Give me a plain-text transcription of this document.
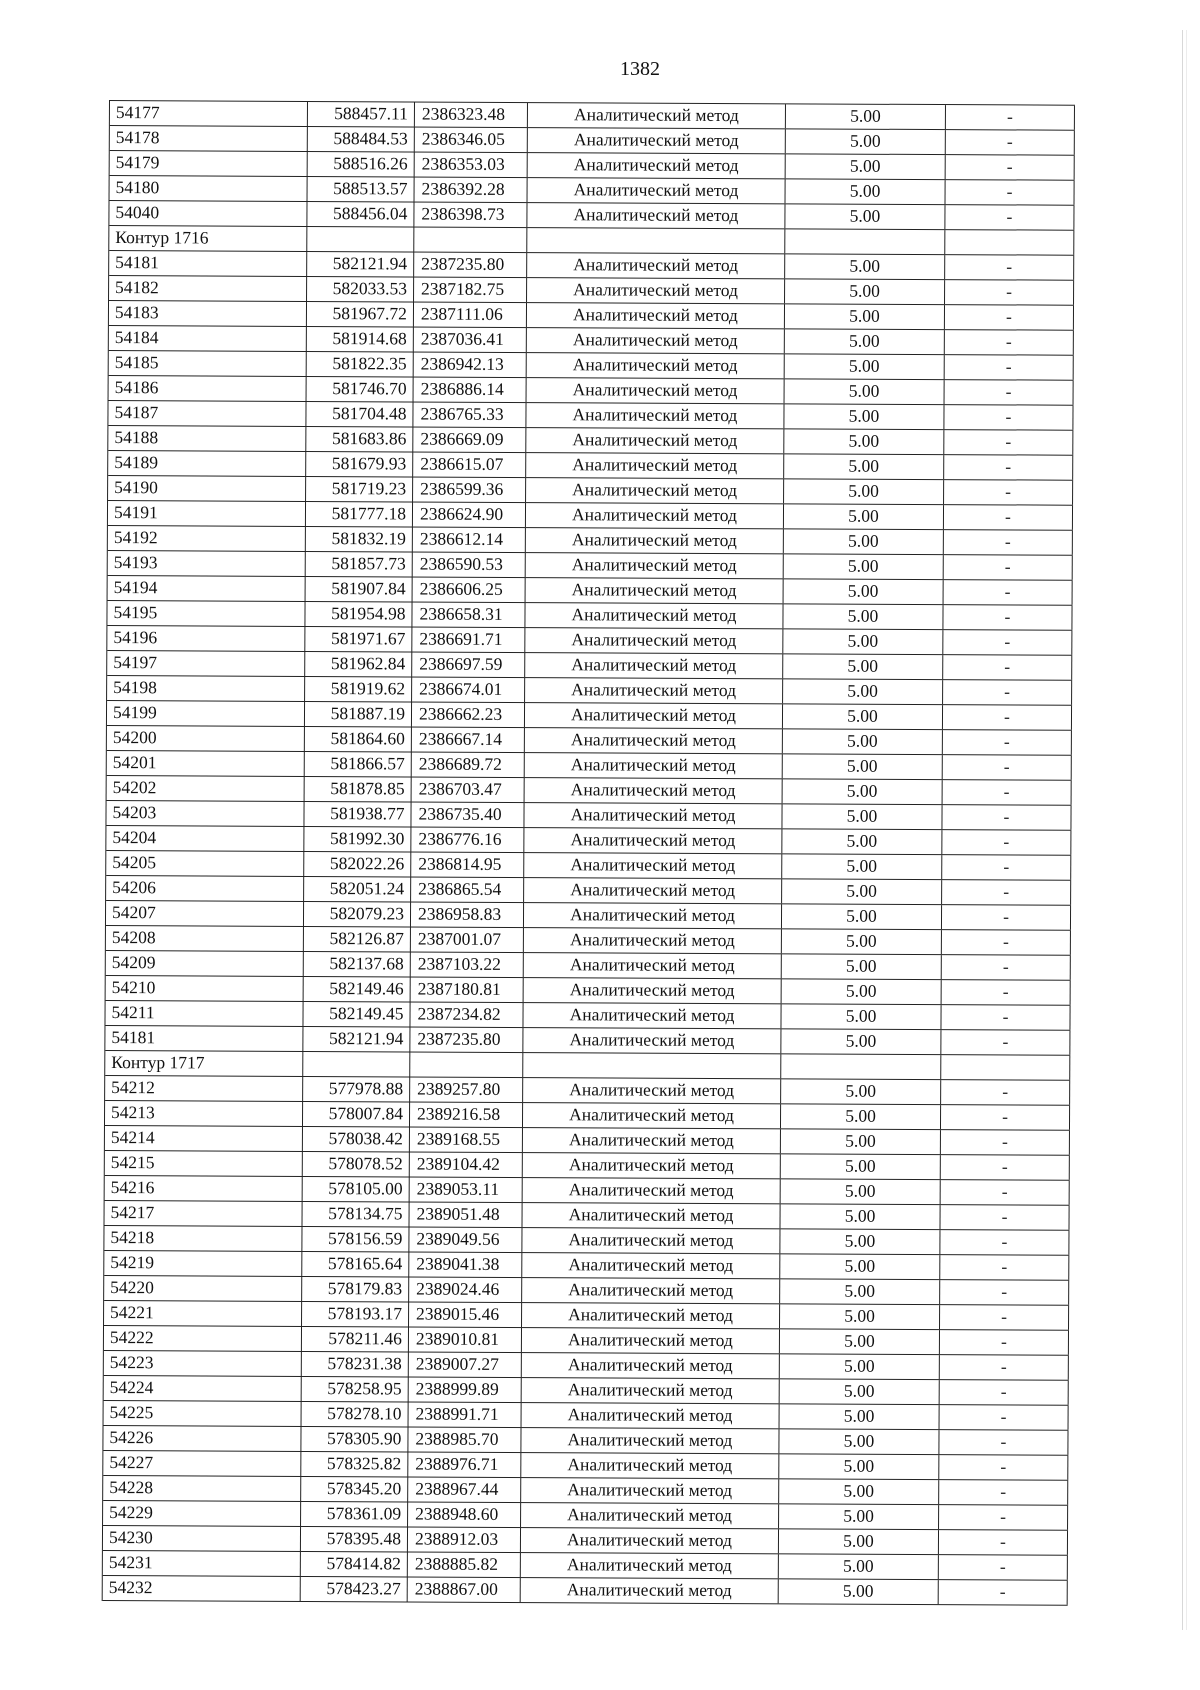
1382
54177	588457.11 2386323.48	Аналитический метод	5.00	-
54178	588484.53 2386346.05	Аналитический метод	5.00	-
54179	588516.26 2386353.03	Аналитический метод	5.00	-
54180	588513.57 2386392.28	Аналитический метод	5.00	-
54040	588456.04 2386398.73	Аналитический метод	5.00	-
Контур 1716
54181	582121.94 2387235.80	Аналитический метод	5.00	-
54182	582033.53 2387182.75	Аналитический метод	5.00	-
54183	581967.72 2387111.06	Аналитический метод	5.00	-
54184	581914.68 2387036.41	Аналитический метод	5.00	-
54185	581822.35 2386942.13	Аналитический метод	5.00	-
54186	581746.70 2386886.14	Аналитический метод	5.00	-
54187	581704.48 2386765.33	Аналитический метод	5.00	-
54188	581683.86 2386669.09	Аналитический метод	5.00	-
54189	581679.93 2386615.07	Аналитический метод	5.00	-
54190	581719.23 2386599.36	Аналитический метод	5.00	-
54191	581777.18 2386624.90	Аналитический метод	5.00	-
54192	581832.19 2386612.14	Аналитический метод	5.00	-
54193	581857.73 2386590.53	Аналитический метод	5.00	-
54194	581907.84 2386606.25	Аналитический метод	5.00	-
54195	581954.98 2386658.31	Аналитический метод	5.00	-
54196	581971.67 2386691.71	Аналитический метод	5.00	-
54197	581962.84 2386697.59	Аналитический метод	5.00	-
54198	581919.62 2386674.01	Аналитический метод	5.00	-
54199	581887.19 2386662.23	Аналитический метод	5.00	-
54200	581864.60 2386667.14	Аналитический метод	5.00	-
54201	581866.57 2386689.72	Аналитический метод	5.00	-
54202	581878.85 2386703.47	Аналитический метод	5.00	-
54203	581938.77 2386735.40	Аналитический метод	5.00	-
54204	581992.30 2386776.16	Аналитический метод	5.00	-
54205	582022.26 2386814.95	Аналитический метод	5.00	-
54206	582051.24 2386865.54	Аналитический метод	5.00	-
54207	582079.23 2386958.83	Аналитический метод	5.00	-
54208	582126.87 2387001.07	Аналитический метод	5.00	-
54209	582137.68 2387103.22	Аналитический метод	5.00	-
54210	582149.46 2387180.81	Аналитический метод	5.00	-
54211	582149.45 2387234.82	Аналитический метод	5.00	-
54181	582121.94 2387235.80	Аналитический метод	5.00	-
Контур 1717
54212	577978.88 2389257.80	Аналитический метод	5.00	-
54213	578007.84 2389216.58	Аналитический метод	5.00	-
54214	578038.42 2389168.55	Аналитический метод	5.00	-
54215	578078.52 2389104.42	Аналитический метод	5.00	-
54216	578105.00 2389053.11	Аналитический метод	5.00	-
54217	578134.75 2389051.48	Аналитический метод	5.00	-
54218	578156.59 2389049.56	Аналитический метод	5.00	-
54219	578165.64 2389041.38	Аналитический метод	5.00	-
54220	578179.83 2389024.46	Аналитический метод	5.00	-
54221	578193.17 2389015.46	Аналитический метод	5.00	-
54222	578211.46 2389010.81	Аналитический метод	5.00	-
54223	578231.38 2389007.27	Аналитический метод	5.00	-
54224	578258.95 2388999.89	Аналитический метод	5.00	-
54225	578278.10 2388991.71	Аналитический метод	5.00	-
54226	578305.90 2388985.70	Аналитический метод	5.00	-
54227	578325.82 2388976.71	Аналитический метод	5.00	-
54228	578345.20 2388967.44	Аналитический метод	5.00	-
54229	578361.09 2388948.60	Аналитический метод	5.00	-
54230	578395.48 2388912.03	Аналитический метод	5.00	-
54231	578414.82 2388885.82	Аналитический метод	5.00	-
54232	578423.27 2388867.00	Аналитический метод	5.00	-
